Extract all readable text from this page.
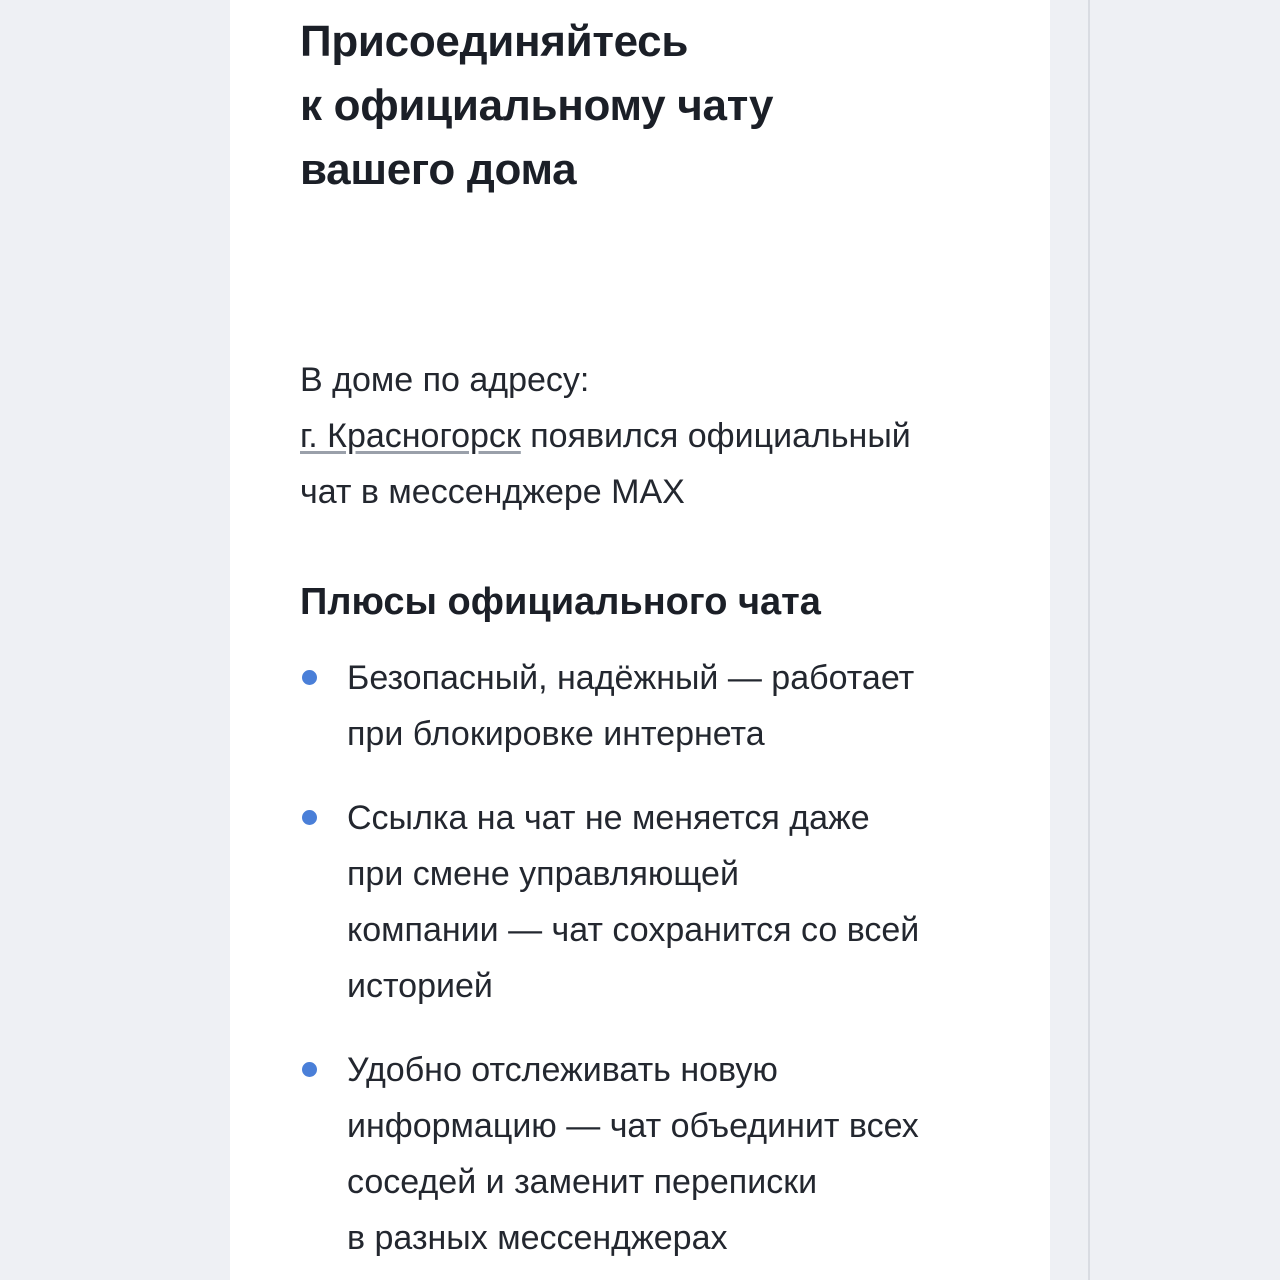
Присоединяйтесь
к официальному чату
вашего дома
В доме по адресу:
г. Красногорск появился официальный
чат в мессенджере MAX
Плюсы официального чата
Безопасный, надёжный — работает
при блокировке интернета
Ссылка на чат не меняется даже
при смене управляющей
компании — чат сохранится со всей
историей
Удобно отслеживать новую
информацию — чат объединит всех
соседей и заменит переписки
в разных мессенджерах
